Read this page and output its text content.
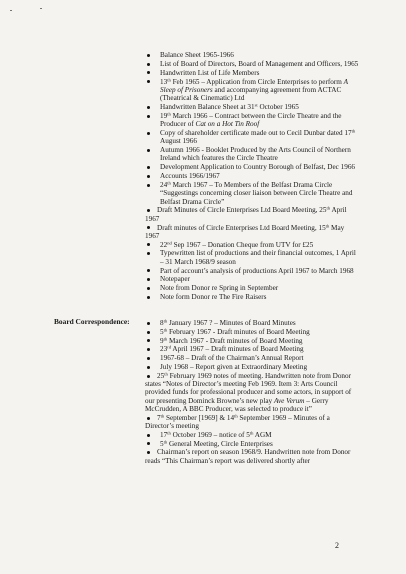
Balance Sheet 1965-1966
List of Board of Directors, Board of Management and Officers, 1965
Handwritten List of Life Members
13th Feb 1965 – Application from Circle Enterprises to perform A Sleep of Prisoners and accompanying agreement from ACTAC (Theatrical & Cinematic) Ltd
Handwritten Balance Sheet at 31st October 1965
19th March 1966 – Contract between the Circle Theatre and the Producer of Cat on a Hot Tin Roof
Copy of shareholder certificate made out to Cecil Dunbar dated 17th August 1966
Autumn 1966 - Booklet Produced by the Arts Council of Northern Ireland which features the Circle Theatre
Development Application to Country Borough of Belfast, Dec 1966
Accounts 1966/1967
24th March 1967 – To Members of the Belfast Drama Circle “Suggestings concerning closer liaison between Circle Theatre and Belfast Drama Circle”
Draft Minutes of Circle Enterprises Ltd Board Meeting, 25th April 1967
Draft minutes of Circle Enterprises Ltd Board Meeting, 15th May 1967
22nd Sep 1967 – Donation Cheque from UTV for £25
Typewritten list of productions and their financial outcomes, 1 April – 31 March 1968/9 season
Part of account’s analysis of productions April 1967 to March 1968
Notepaper
Note from Donor re Spring in September
Note form Donor re The Fire Raisers
Board Correspondence:	8th January 1967 ? – Minutes of Board Minutes
5th February 1967 - Draft minutes of Board Meeting
9th March 1967 - Draft minutes of Board Meeting
23rd April 1967 – Draft minutes of Board Meeting
1967-68 – Draft of the Chairman’s Annual Report
July 1968 – Report given at Extraordinary Meeting
25th February 1969 notes of meeting. Handwritten note from Donor states “Notes of Director’s meeting Feb 1969. Item 3: Arts Council provided funds for professional producer and some actors, in support of our presenting Dominck Browne’s new play Ave Verum – Gerry McCrudden, A BBC Producer, was selected to produce it”
7th September [1969] & 14th September 1969 – Minutes of a Director’s meeting
17th October 1969 – notice of 5th AGM
5th General Meeting, Circle Enterprises
Chairman’s report on season 1968/9. Handwritten note from Donor reads “This Chairman’s report was delivered shortly after
2
